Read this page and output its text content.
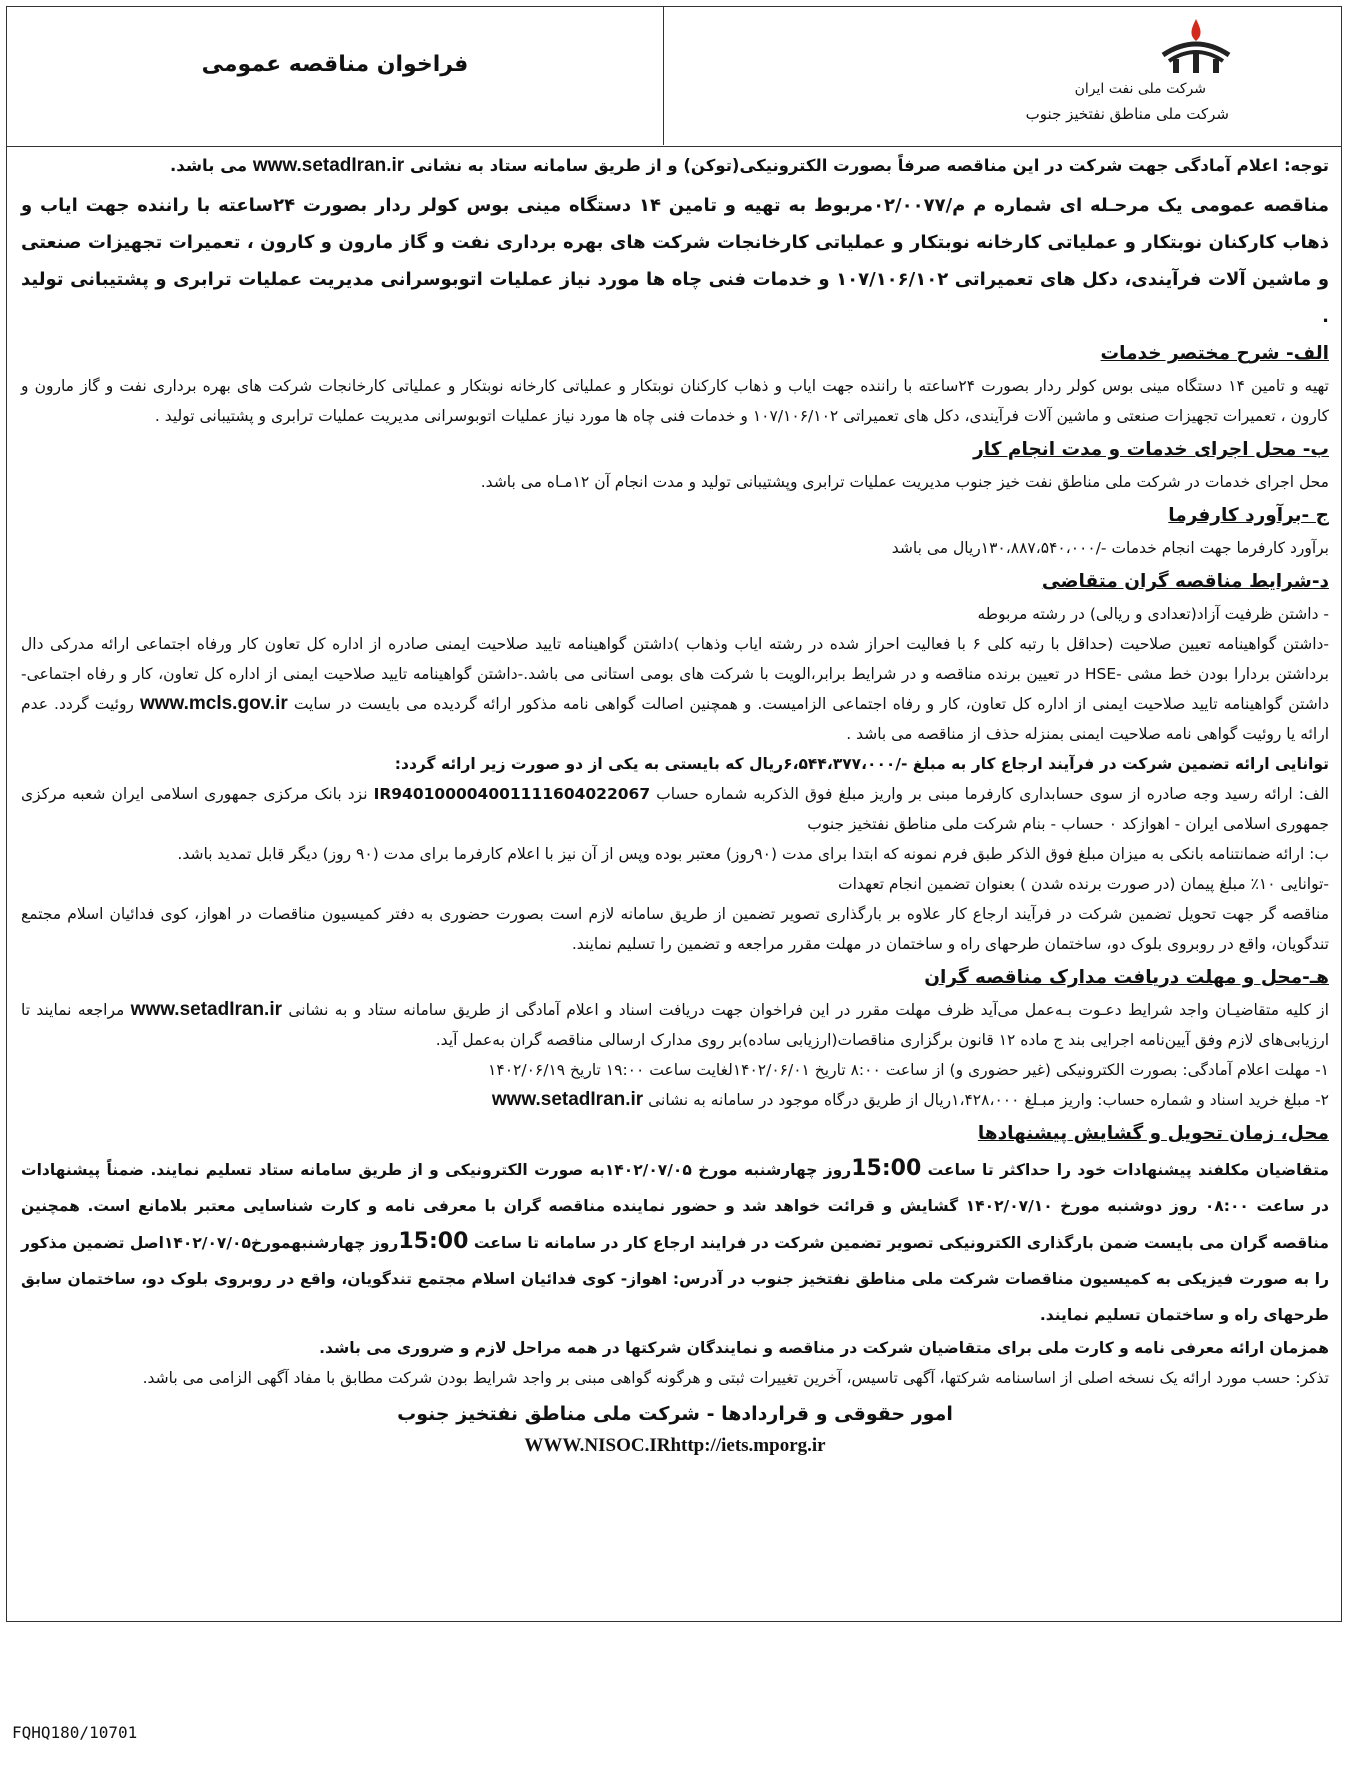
فراخوان مناقصه عمومی
شرکت ملی نفت ایران
شرکت ملی مناطق نفتخیز جنوب

توجه: اعلام آمادگی جهت شرکت در این مناقصه صرفاً بصورت الکترونیکی(توکن) و از طریق سامانه ستاد به نشانی www.setadIran.ir می باشد.

مناقصه عمومی یک مرحـله ای شماره م م/۰۲/۰۰۷۷مربوط به تهیه و تامین ۱۴ دستگاه مینی بوس کولر ردار بصورت ۲۴ساعته با راننده جهت ایاب و ذهاب کارکنان نوبتکار و عملیاتی کارخانه نوبتکار و عملیاتی کارخانجات شرکت های بهره برداری نفت و گاز مارون و کارون ، تعمیرات تجهیزات صنعتی و ماشین آلات فرآیندی، دکل های تعمیراتی ۱۰۷/۱۰۶/۱۰۲ و خدمات فنی چاه ها مورد نیاز عملیات اتوبوسرانی مدیریت عملیات ترابری و پشتیبانی تولید .

الف- شرح مختصر خدمات

تهیه و تامین ۱۴ دستگاه مینی بوس کولر ردار بصورت ۲۴ساعته با راننده جهت ایاب و ذهاب کارکنان نوبتکار و عملیاتی کارخانه نوبتکار و عملیاتی کارخانجات شرکت های بهره برداری نفت و گاز مارون و کارون ، تعمیرات تجهیزات صنعتی و ماشین آلات فرآیندی، دکل های تعمیراتی ۱۰۷/۱۰۶/۱۰۲ و خدمات فنی چاه ها مورد نیاز عملیات اتوبوسرانی مدیریت عملیات ترابری و پشتیبانی تولید .

ب- محل اجرای خدمات و مدت انجام کار

محل اجرای خدمات در شرکت ملی مناطق نفت خیز جنوب مدیریت عملیات ترابری وپشتیبانی تولید و مدت انجام آن ۱۲مـاه می باشد.

ج -برآورد کارفرما

برآورد کارفرما جهت انجام خدمات -/۱۳۰،۸۸۷،۵۴۰،۰۰۰ریال می باشد

د-شرایط مناقصه گران متقاضی

- داشتن ظرفیت آزاد(تعدادی و ریالی) در رشته مربوطه

-داشتن گواهینامه تعیین صلاحیت (حداقل با رتبه کلی ۶ با فعالیت احراز شده در رشته ایاب وذهاب )داشتن گواهینامه تایید صلاحیت ایمنی صادره از اداره کل تعاون کار ورفاه اجتماعی ارائه مدرکی دال برداشتن بردارا بودن خط مشی -HSE در تعیین برنده مناقصه و در شرایط برابر،الویت با شرکت های بومی استانی می باشد.-داشتن گواهینامه تایید صلاحیت ایمنی از اداره کل تعاون، کار و رفاه اجتماعی- داشتن گواهینامه تایید صلاحیت ایمنی از اداره کل تعاون، کار و رفاه اجتماعی الزامیست. و همچنین اصالت گواهی نامه مذکور ارائه گردیده می بایست در سایت www.mcls.gov.ir روئیت گردد. عدم ارائه یا روئیت گواهی نامه صلاحیت ایمنی بمنزله حذف از مناقصه می باشد .

توانایی ارائه تضمین شرکت در فرآیند ارجاع کار به مبلغ -/۶،۵۴۴،۳۷۷،۰۰۰ریال که بایستی به یکی از دو صورت زیر ارائه گردد:

الف: ارائه رسید وجه صادره از سوی حسابداری کارفرما مبنی بر واریز مبلغ فوق الذکربه شماره حساب IR940100004001111604022067 نزد بانک مرکزی جمهوری اسلامی ایران شعبه مرکزی جمهوری اسلامی ایران - اهوازکد ۰ حساب - بنام شرکت ملی مناطق نفتخیز جنوب

ب: ارائه ضمانتنامه بانکی به میزان مبلغ فوق الذکر طبق فرم نمونه که ابتدا برای مدت (۹۰روز) معتبر بوده وپس از آن نیز با اعلام کارفرما برای مدت (۹۰ روز) دیگر قابل تمدید باشد.

-توانایی ۱۰٪ مبلغ پیمان (در صورت برنده شدن ) بعنوان تضمین انجام تعهدات

مناقصه گر جهت تحویل تضمین شرکت در فرآیند ارجاع کار علاوه بر بارگذاری تصویر تضمین از طریق سامانه لازم است بصورت حضوری به دفتر کمیسیون مناقصات در اهواز، کوی فدائیان اسلام مجتمع تندگویان، واقع در روبروی بلوک دو، ساختمان طرحهای راه و ساختمان در مهلت مقرر مراجعه و تضمین را تسلیم نمایند.

هـ-محل و مهلت دریافت مدارک مناقصه گران

از کلیه متقاضیـان واجد شرایط دعـوت بـه‌عمل می‌آید ظرف مهلت مقرر در این فراخوان جهت دریافت اسناد و اعلام آمادگی از طریق سامانه ستاد و به نشانی www.setadIran.ir مراجعه نمایند تا ارزیابی‌های لازم وفق آیین‌نامه اجرایی بند ج ماده ۱۲ قانون برگزاری مناقصات(ارزیابی ساده)بر روی مدارک ارسالی مناقصه گران به‌عمل آید.

۱- مهلت اعلام آمادگی: بصورت الکترونیکی (غیر حضوری و) از ساعت ۸:۰۰ تاریخ ۱۴۰۲/۰۶/۰۱لغایت ساعت ۱۹:۰۰ تاریخ ۱۴۰۲/۰۶/۱۹

۲- مبلغ خرید اسناد و شماره حساب: واریز مبـلغ ۱،۴۲۸،۰۰۰ریال از طریق درگاه موجود در سامانه به نشانی www.setadIran.ir

محل، زمان تحویل و گشایش پیشنهادها

متقاضیان مکلفند پیشنهادات خود را حداکثر تا ساعت 15:00روز چهارشنبه مورخ ۱۴۰۲/۰۷/۰۵به صورت الکترونیکی و از طریق سامانه ستاد تسلیم نمایند. ضمناً پیشنهادات در ساعت ۰۸:۰۰ روز دوشنبه مورخ ۱۴۰۲/۰۷/۱۰ گشایش و قرائت خواهد شد و حضور نماینده مناقصه گران با معرفی نامه و کارت شناسایی معتبر بلامانع است. همچنین مناقصه گران می بایست ضمن بارگذاری الکترونیکی تصویر تضمین شرکت در فرایند ارجاع کار در سامانه تا ساعت 15:00روز چهارشنبهمورخ۱۴۰۲/۰۷/۰۵اصل تضمین مذکور را به صورت فیزیکی به کمیسیون مناقصات شرکت ملی مناطق نفتخیز جنوب در آدرس: اهواز- کوی فدائیان اسلام مجتمع تندگویان، واقع در روبروی بلوک دو، ساختمان سابق طرحهای راه و ساختمان تسلیم نمایند.

همزمان ارائه معرفی نامه و کارت ملی برای متقاضیان شرکت در مناقصه و نمایندگان شرکتها در همه مراحل لازم و ضروری می باشد.

تذکر: حسب مورد ارائه یک نسخه اصلی از اساسنامه شرکتها، آگهی تاسیس، آخرین تغییرات ثبتی و هرگونه گواهی مبنی بر واجد شرایط بودن شرکت مطابق با مفاد آگهی الزامی می باشد.

امور حقوقی و قراردادها - شرکت ملی مناطق نفتخیز جنوب
WWW.NISOC.IRhttp://iets.mporg.ir
FQHQ180/10701
